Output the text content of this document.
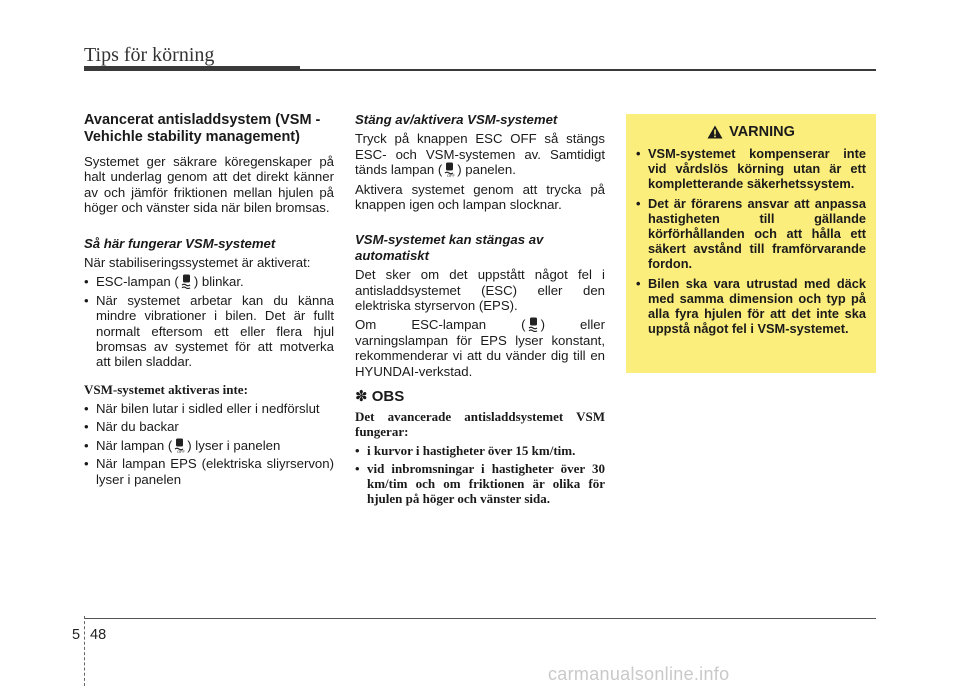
Tips för körning
Avancerat antisladdsystem (VSM - Vehichle stability management)

Systemet ger säkrare köregenskaper på halt underlag genom att det direkt känner av och jämför friktionen mellan hjulen på höger och vänster sida när bilen bromsas.

Så här fungerar VSM-systemet

När stabiliseringssystemet är aktiverat:

• ESC-lampan ( ) blinkar.
• När systemet arbetar kan du känna mindre vibrationer i bilen. Det är fullt normalt eftersom ett eller flera hjul bromsas av systemet för att motverka att bilen sladdar.

VSM-systemet aktiveras inte:

• När bilen lutar i sidled eller i nedförslut
• När du backar
• När lampan ( OFF ) lyser i panelen
• När lampan EPS (elektriska sliyrservon) lyser i panelen
Stäng av/aktivera VSM-systemet

Tryck på knappen ESC OFF så stängs ESC- och VSM-systemen av. Samtidigt tänds lampan ( OFF ) panelen.

Aktivera systemet genom att trycka på knappen igen och lampan slocknar.

VSM-systemet kan stängas av automatiskt

Det sker om det uppstått något fel i antisladdsystemet (ESC) eller den elektriska styrservon (EPS).

Om ESC-lampan ( ) eller varningslampan för EPS lyser konstant, rekommenderar vi att du vänder dig till en HYUNDAI-verkstad.

✽ OBS

Det avancerade antisladdsystemet VSM fungerar:

• i kurvor i hastigheter över 15 km/tim.
• vid inbromsningar i hastigheter över 30 km/tim och om friktionen är olika för hjulen på höger och vänster sida.
VARNING
• VSM-systemet kompenserar inte vid vårdslös körning utan är ett kompletterande säkerhetssystem.
• Det är förarens ansvar att anpassa hastigheten till gällande körförhållanden och att hålla ett säkert avstånd till framförvarande fordon.
• Bilen ska vara utrustad med däck med samma dimension och typ på alla fyra hjulen för att det inte ska uppstå något fel i VSM-systemet.
5 48
carmanualsonline.info
